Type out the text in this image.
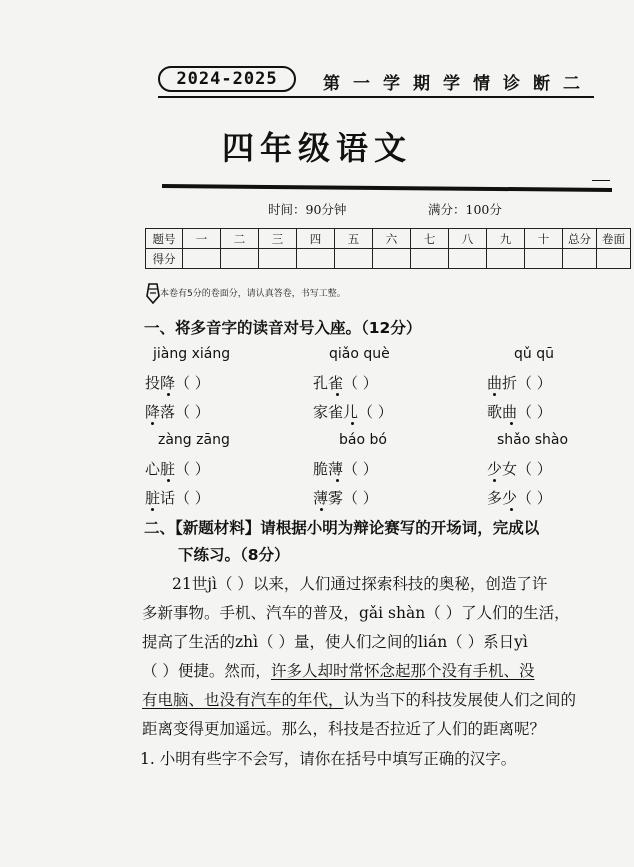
2024-2025	第一学期学情诊断二
四年级语文
时间：90分钟	满分：100分
题号	一	二	三	四	五	六	七	八	九	十	总分	卷面
得分												
本卷有5分的卷面分，请认真答卷，书写工整。
一、将多音字的读音对号入座。（12分）
jiàng xiáng
投降（ ）
降落（ ）
qiǎo què
孔雀（ ）
家雀儿（ ）
qǔ qū
曲折（ ）
歌曲（ ）
zàng zāng
心脏（ ）
脏话（ ）
báo bó
脆薄（ ）
薄雾（ ）
shǎo shào
少女（ ）
多少（ ）
二、【新题材料】请根据小明为辩论赛写的开场词，完成以
下练习。（8分）
21世jì（ ）以来，人们通过探索科技的奥秘，创造了许
多新事物。手机、汽车的普及，gǎi shàn（ ）了人们的生活，
提高了生活的zhì（ ）量，使人们之间的lián（ ）系日yì
（ ）便捷。然而，许多人却时常怀念起那个没有手机、没
有电脑、也没有汽车的年代，认为当下的科技发展使人们之间的
距离变得更加遥远。那么，科技是否拉近了人们的距离呢？
1. 小明有些字不会写，请你在括号中填写正确的汉字。
